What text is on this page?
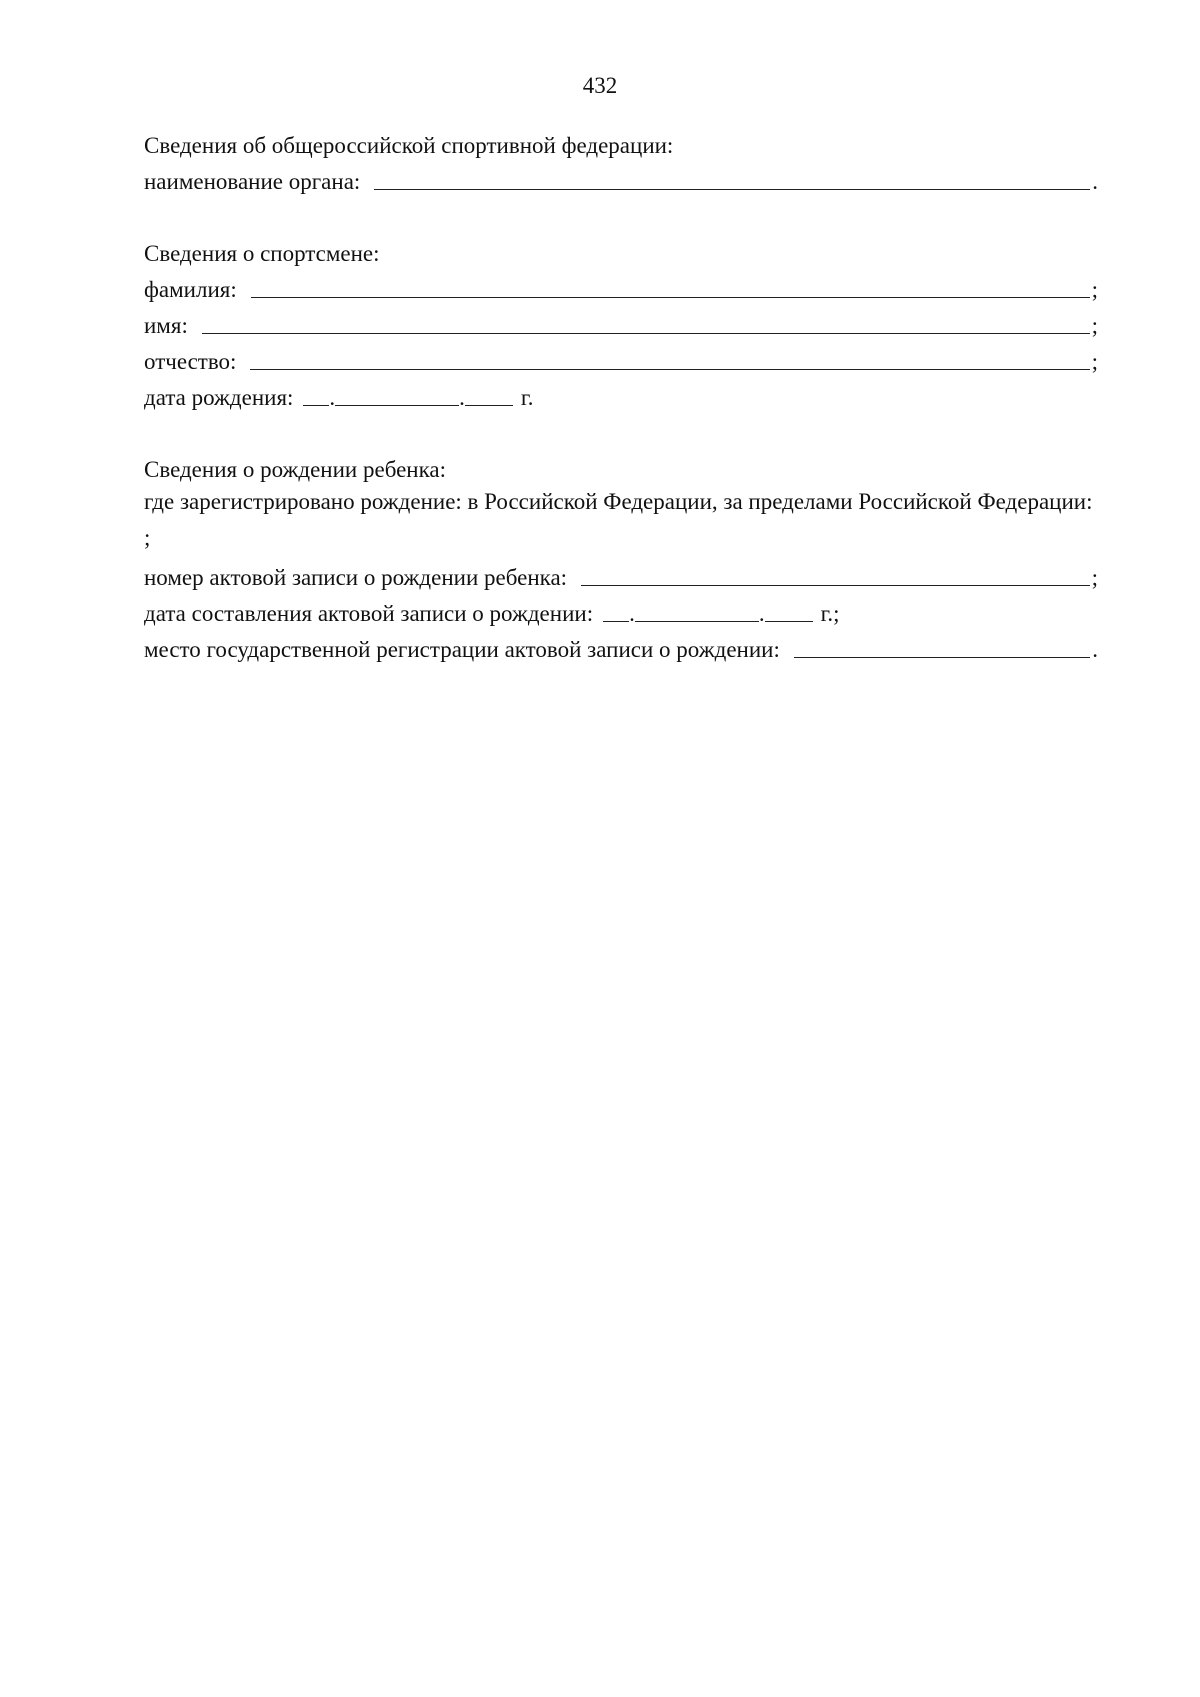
432
Сведения об общероссийской спортивной федерации:
наименование органа:	.
Сведения о спортсмене:
фамилия:	;
имя:	;
отчество:	;
дата рождения: .	. г.
Сведения о рождении ребенка:
где зарегистрировано рождение: в Российской Федерации, за пределами Российской Федерации: ;
номер актовой записи о рождении ребенка:	;
дата составления актовой записи о рождении: .	. г.;
место государственной регистрации актовой записи о рождении:	.
